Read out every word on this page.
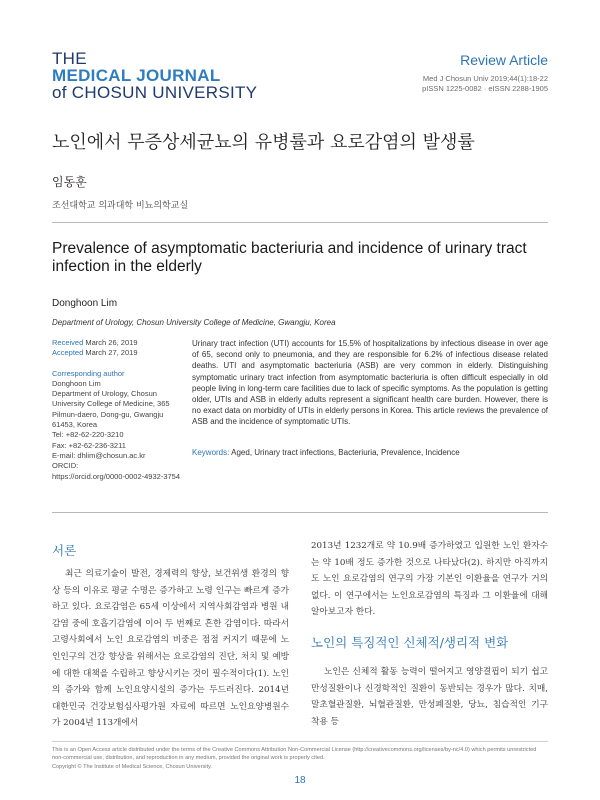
THE
MEDICAL JOURNAL
of CHOSUN UNIVERSITY
Review Article
Med J Chosun Univ 2019;44(1):18-22
pISSN 1225-0082 · eISSN 2288-1905
노인에서 무증상세균뇨의 유병률과 요로감염의 발생률
임동훈
조선대학교 의과대학 비뇨의학교실
Prevalence of asymptomatic bacteriuria and incidence of urinary tract infection in the elderly
Donghoon Lim
Department of Urology, Chosun University College of Medicine, Gwangju, Korea
Received March 26, 2019
Accepted March 27, 2019
Corresponding author
Donghoon Lim
Department of Urology, Chosun
University College of Medicine, 365
Pilmun-daero, Dong-gu, Gwangju
61453, Korea
Tel: +82-62-220-3210
Fax: +82-62-236-3211
E-mail: dhlim@chosun.ac.kr
ORCID:
https://orcid.org/0000-0002-4932-3754
Urinary tract infection (UTI) accounts for 15.5% of hospitalizations by infectious disease in over age of 65, second only to pneumonia, and they are responsible for 6.2% of infectious disease related deaths. UTI and asymptomatic bacteriuria (ASB) are very common in elderly. Distinguishing symptomatic urinary tract infection from asymptomatic bacteriuria is often difficult especially in old people living in long-term care facilities due to lack of specific symptoms. As the population is getting older, UTIs and ASB in elderly adults represent a significant health care burden. However, there is no exact data on morbidity of UTIs in elderly persons in Korea. This article reviews the prevalence of ASB and the incidence of symptomatic UTIs.
Keywords: Aged, Urinary tract infections, Bacteriuria, Prevalence, Incidence
서론

최근 의료기술이 발전, 경제력의 향상, 보건위생 환경의 향상 등의 이유로 평균 수명은 증가하고 노령 인구는 빠르게 증가하고 있다. 요로감염은 65세 이상에서 지역사회감염과 병원 내 감염 중에 호흡기감염에 이어 두 번째로 흔한 감염이다. 따라서 고령사회에서 노인 요로감염의 비중은 점점 커지기 때문에 노인인구의 건강 향상을 위해서는 요로감염의 진단, 처치 및 예방에 대한 대책을 수립하고 향상시키는 것이 필수적이다(1). 노인의 증가와 함께 노인요양시설의 증가는 두드러진다. 2014년 대한민국 건강보험심사평가원 자료에 따르면 노인요양병원수가 2004년 113개에서

2013년 1232개로 약 10.9배 증가하였고 입원한 노인 환자수는 약 10배 정도 증가한 것으로 나타났다(2). 하지만 아직까지도 노인 요로감염의 연구의 가장 기본인 이환율을 연구가 거의 없다. 이 연구에서는 노인요로감염의 특징과 그 이환율에 대해 알아보고자 한다.

노인의 특징적인 신체적/생리적 변화

노인은 신체적 활동 능력이 떨어지고 영양결핍이 되기 쉽고 만성질환이나 신경학적인 질환이 동반되는 경우가 많다. 치매, 말초혈관질환, 뇌혈관질환, 만성폐질환, 당뇨, 침습적인 기구 착용 등

This is an Open Access article distributed under the terms of the Creative Commons Attribution Non-Commercial License (http://creativecommons.org/licenses/by-nc/4.0) which permits unrestricted non-commercial use, distribution, and reproduction in any medium, provided the original work is properly cited.
Copyright © The Institute of Medical Science, Chosun University.
18
